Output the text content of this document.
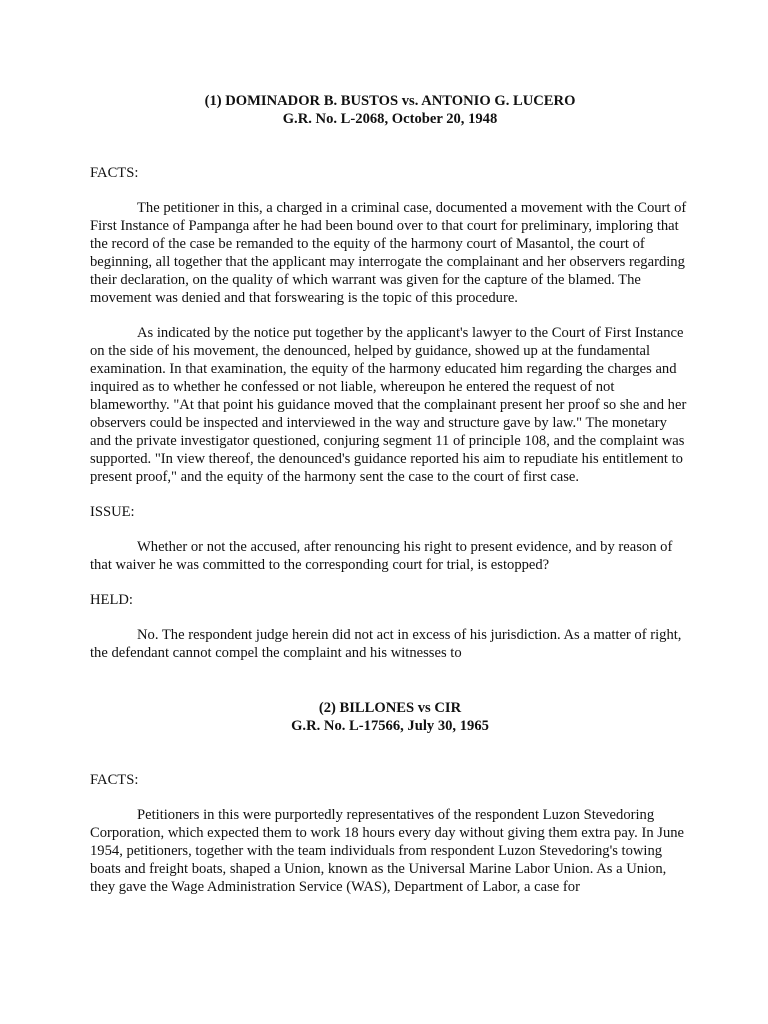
(1) DOMINADOR B. BUSTOS vs. ANTONIO G. LUCERO
G.R. No. L-2068, October 20, 1948

FACTS:

The petitioner in this, a charged in a criminal case, documented a movement with the Court of First Instance of Pampanga after he had been bound over to that court for preliminary, imploring that the record of the case be remanded to the equity of the harmony court of Masantol, the court of beginning, all together that the applicant may interrogate the complainant and her observers regarding their declaration, on the quality of which warrant was given for the capture of the blamed. The movement was denied and that forswearing is the topic of this procedure.

As indicated by the notice put together by the applicant's lawyer to the Court of First Instance on the side of his movement, the denounced, helped by guidance, showed up at the fundamental examination. In that examination, the equity of the harmony educated him regarding the charges and inquired as to whether he confessed or not liable, whereupon he entered the request of not blameworthy. "At that point his guidance moved that the complainant present her proof so she and her observers could be inspected and interviewed in the way and structure gave by law." The monetary and the private investigator questioned, conjuring segment 11 of principle 108, and the complaint was supported. "In view thereof, the denounced's guidance reported his aim to repudiate his entitlement to present proof," and the equity of the harmony sent the case to the court of first case.

ISSUE:

Whether or not the accused, after renouncing his right to present evidence, and by reason of that waiver he was committed to the corresponding court for trial, is estopped?

HELD:

No. The respondent judge herein did not act in excess of his jurisdiction. As a matter of right, the defendant cannot compel the complaint and his witnesses to

(2) BILLONES vs CIR
G.R. No. L-17566, July 30, 1965

FACTS:

Petitioners in this were purportedly representatives of the respondent Luzon Stevedoring Corporation, which expected them to work 18 hours every day without giving them extra pay. In June 1954, petitioners, together with the team individuals from respondent Luzon Stevedoring's towing boats and freight boats, shaped a Union, known as the Universal Marine Labor Union. As a Union, they gave the Wage Administration Service (WAS), Department of Labor, a case for
